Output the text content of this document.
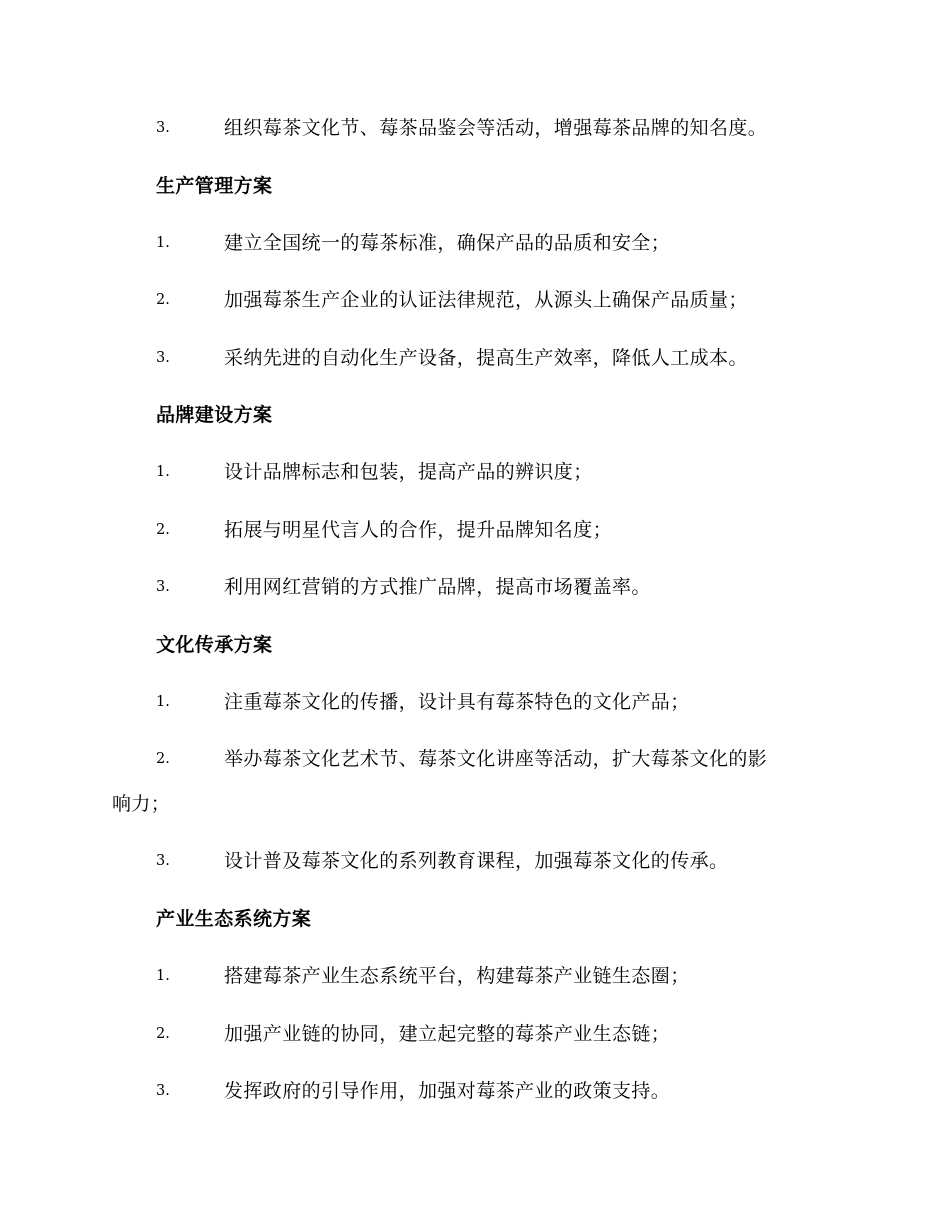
3.	组织莓茶文化节、莓茶品鉴会等活动，增强莓茶品牌的知名度。
生产管理方案
1.	建立全国统一的莓茶标准，确保产品的品质和安全；
2.	加强莓茶生产企业的认证法律规范，从源头上确保产品质量；
3.	采纳先进的自动化生产设备，提高生产效率，降低人工成本。
品牌建设方案
1.	设计品牌标志和包装，提高产品的辨识度；
2.	拓展与明星代言人的合作，提升品牌知名度；
3.	利用网红营销的方式推广品牌，提高市场覆盖率。
文化传承方案
1.	注重莓茶文化的传播，设计具有莓茶特色的文化产品；
2.	举办莓茶文化艺术节、莓茶文化讲座等活动，扩大莓茶文化的影
响力；
3.	设计普及莓茶文化的系列教育课程，加强莓茶文化的传承。
产业生态系统方案
1.	搭建莓茶产业生态系统平台，构建莓茶产业链生态圈；
2.	加强产业链的协同，建立起完整的莓茶产业生态链；
3.	发挥政府的引导作用，加强对莓茶产业的政策支持。
